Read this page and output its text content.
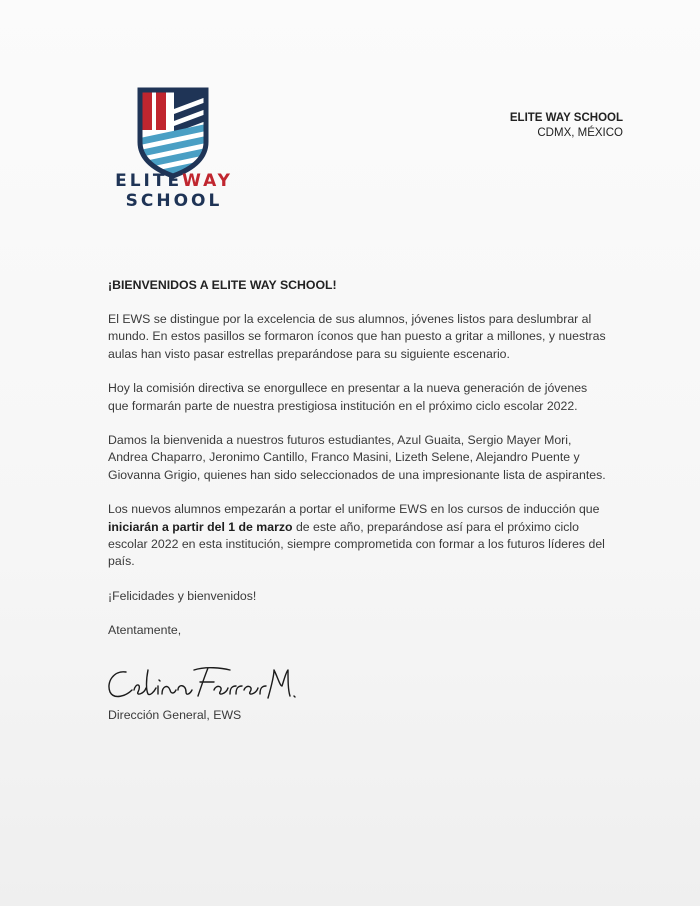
ELITEWAY
SCHOOL
ELITE WAY SCHOOL
CDMX, MÉXICO

¡BIENVENIDOS A ELITE WAY SCHOOL!

El EWS se distingue por la excelencia de sus alumnos, jóvenes listos para deslumbrar al mundo. En estos pasillos se formaron íconos que han puesto a gritar a millones, y nuestras aulas han visto pasar estrellas preparándose para su siguiente escenario.

Hoy la comisión directiva se enorgullece en presentar a la nueva generación de jóvenes que formarán parte de nuestra prestigiosa institución en el próximo ciclo escolar 2022.

Damos la bienvenida a nuestros futuros estudiantes, Azul Guaita, Sergio Mayer Mori, Andrea Chaparro, Jeronimo Cantillo, Franco Masini, Lizeth Selene, Alejandro Puente y Giovanna Grigio, quienes han sido seleccionados de una impresionante lista de aspirantes.

Los nuevos alumnos empezarán a portar el uniforme EWS en los cursos de inducción que iniciarán a partir del 1 de marzo de este año, preparándose así para el próximo ciclo escolar 2022 en esta institución, siempre comprometida con formar a los futuros líderes del país.

¡Felicidades y bienvenidos!

Atentamente,

Dirección General, EWS
